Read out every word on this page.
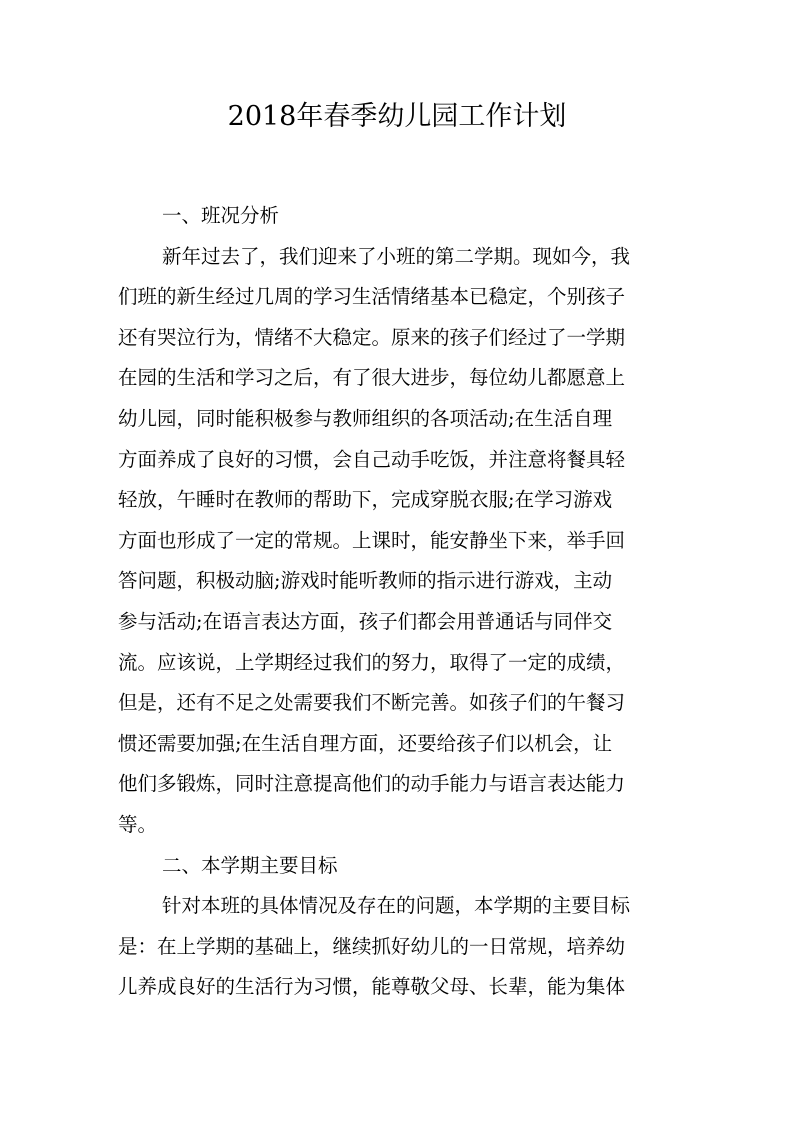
2018年春季幼儿园工作计划
一、班况分析
新年过去了，我们迎来了小班的第二学期。现如今，我
们班的新生经过几周的学习生活情绪基本已稳定，个别孩子
还有哭泣行为，情绪不大稳定。原来的孩子们经过了一学期
在园的生活和学习之后，有了很大进步，每位幼儿都愿意上
幼儿园，同时能积极参与教师组织的各项活动;在生活自理
方面养成了良好的习惯，会自己动手吃饭，并注意将餐具轻
轻放，午睡时在教师的帮助下，完成穿脱衣服;在学习游戏
方面也形成了一定的常规。上课时，能安静坐下来，举手回
答问题，积极动脑;游戏时能听教师的指示进行游戏，主动
参与活动;在语言表达方面，孩子们都会用普通话与同伴交
流。应该说，上学期经过我们的努力，取得了一定的成绩，
但是，还有不足之处需要我们不断完善。如孩子们的午餐习
惯还需要加强;在生活自理方面，还要给孩子们以机会，让
他们多锻炼，同时注意提高他们的动手能力与语言表达能力
等。
二、本学期主要目标
针对本班的具体情况及存在的问题，本学期的主要目标
是：在上学期的基础上，继续抓好幼儿的一日常规，培养幼
儿养成良好的生活行为习惯，能尊敬父母、长辈，能为集体
